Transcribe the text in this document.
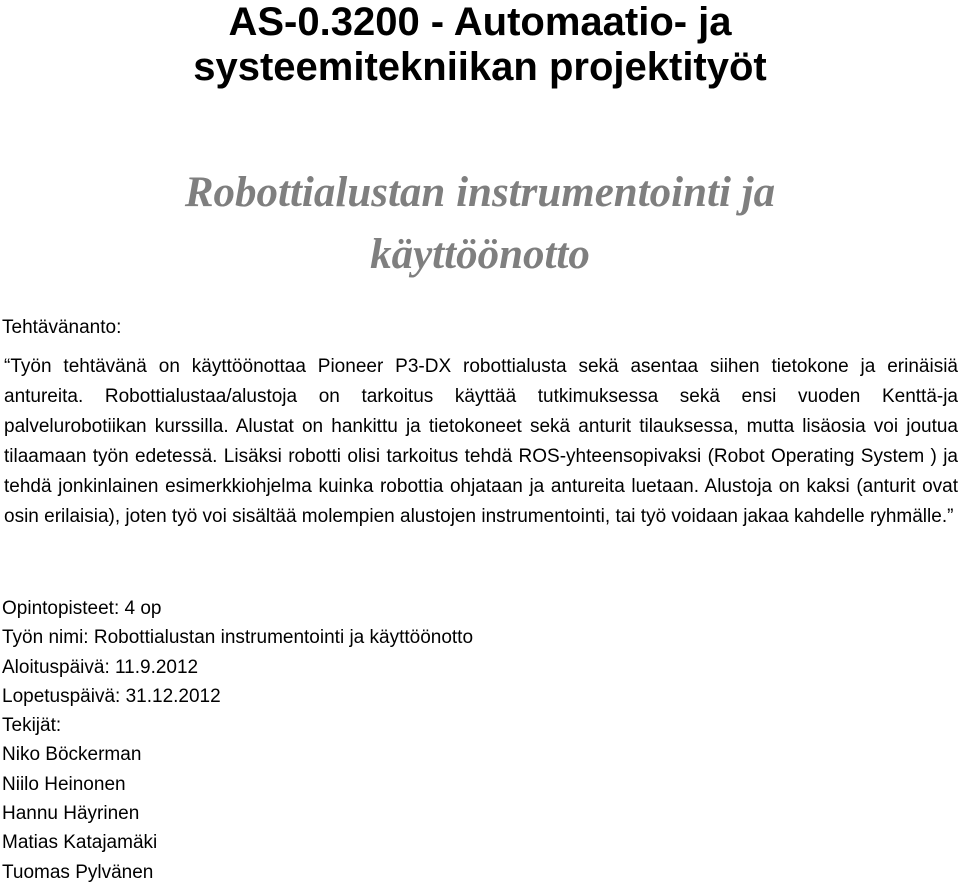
AS-0.3200 - Automaatio- ja
systeemitekniikan projektityöt
Robottialustan instrumentointi ja
käyttöönotto
Tehtävänanto:

“Työn tehtävänä on käyttöönottaa Pioneer P3-DX robottialusta sekä asentaa siihen tietokone ja erinäisiä antureita. Robottialustaa/alustoja on tarkoitus käyttää tutkimuksessa sekä ensi vuoden Kenttä-ja palvelurobotiikan kurssilla. Alustat on hankittu ja tietokoneet sekä anturit tilauksessa, mutta lisäosia voi joutua tilaamaan työn edetessä. Lisäksi robotti olisi tarkoitus tehdä ROS-yhteensopivaksi (Robot Operating System ) ja tehdä jonkinlainen esimerkkiohjelma kuinka robottia ohjataan ja antureita luetaan. Alustoja on kaksi (anturit ovat osin erilaisia), joten työ voi sisältää molempien alustojen instrumentointi, tai työ voidaan jakaa kahdelle ryhmälle.”

Opintopisteet: 4 op
Työn nimi: Robottialustan instrumentointi ja käyttöönotto
Aloituspäivä: 11.9.2012
Lopetuspäivä: 31.12.2012
Tekijät:
Niko Böckerman
Niilo Heinonen
Hannu Häyrinen
Matias Katajamäki
Tuomas Pylvänen
